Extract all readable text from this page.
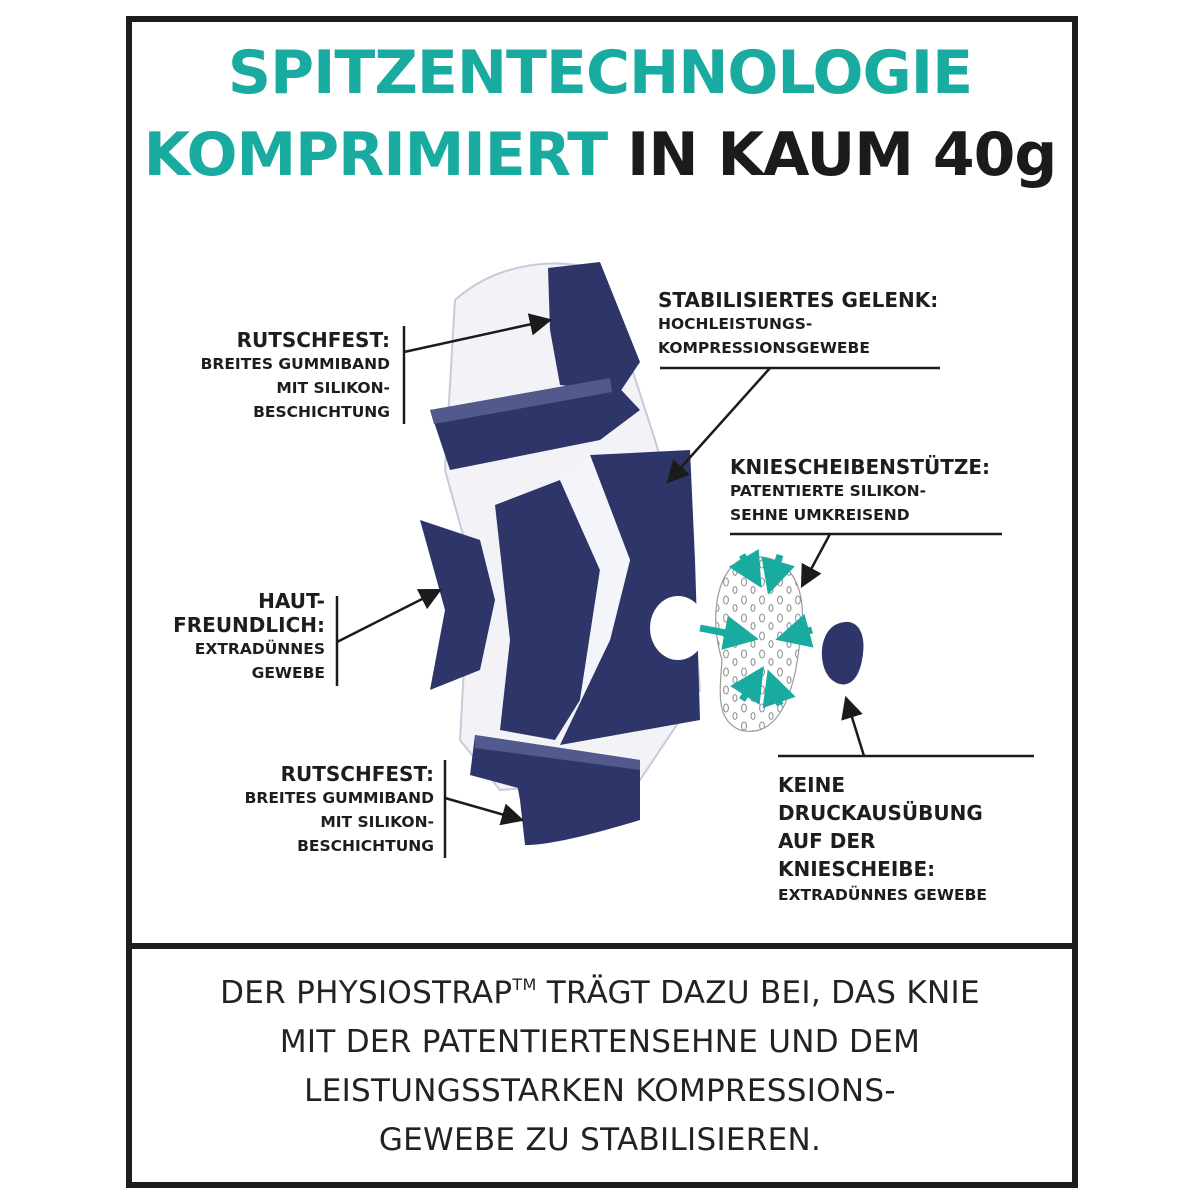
SPITZENTECHNOLOGIE
KOMPRIMIERT IN KAUM 40g
RUTSCHFEST:
BREITES GUMMIBAND
MIT SILIKON-
BESCHICHTUNG
HAUT-
FREUNDLICH:
EXTRADÜNNES
GEWEBE
RUTSCHFEST:
BREITES GUMMIBAND
MIT SILIKON-
BESCHICHTUNG
STABILISIERTES GELENK:
HOCHLEISTUNGS-
KOMPRESSIONSGEWEBE
KNIESCHEIBENSTÜTZE:
PATENTIERTE SILIKON-
SEHNE UMKREISEND
KEINE
DRUCKAUSÜBUNG
AUF DER
KNIESCHEIBE:
EXTRADÜNNES GEWEBE
DER PHYSIOSTRAP™ TRÄGT DAZU BEI, DAS KNIE
MIT DER PATENTIERTENSEHNE UND DEM
LEISTUNGSSTARKEN KOMPRESSIONS-
GEWEBE ZU STABILISIEREN.
